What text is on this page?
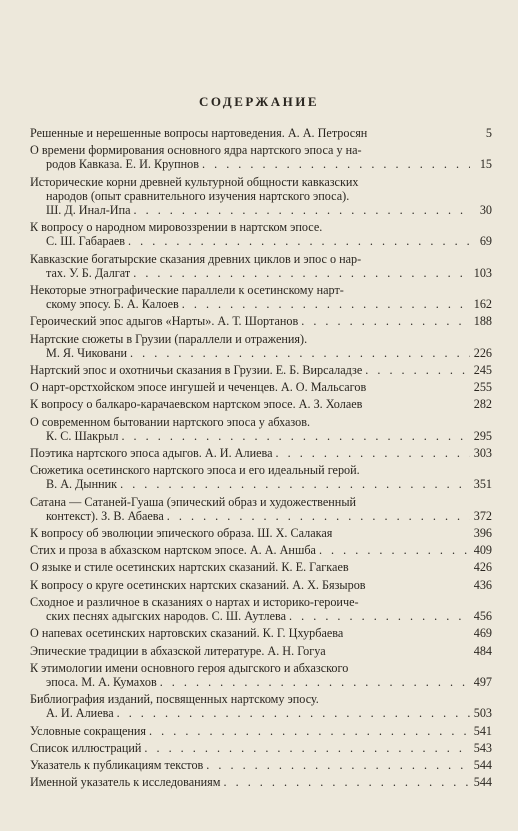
СОДЕРЖАНИЕ
Решенные и нерешенные вопросы нартоведения. А. А. Петросян	5
О времени формирования основного ядра нартского эпоса у на-
родов Кавказа. Е. И. Крупнов . . .	15
Исторические корни древней культурной общности кавказских
народов (опыт сравнительного изучения нартского эпоса).
Ш. Д. Инал-Ипа . . .	30
К вопросу о народном мировоззрении в нартском эпосе.
С. Ш. Габараев . . .	69
Кавказские богатырские сказания древних циклов и эпос о нар-
тах. У. Б. Далгат . . .	103
Некоторые этнографические параллели к осетинскому нарт-
скому эпосу. Б. А. Калоев . . .	162
Героический эпос адыгов «Нарты». А. Т. Шортанов . . .	188
Нартские сюжеты в Грузии (параллели и отражения).
М. Я. Чиковани . . .	226
Нартский эпос и охотничьи сказания в Грузии. Е. Б. Вирсаладзе . . .	245
О нарт-орстхойском эпосе ингушей и чеченцев. А. О. Мальсагов	255
К вопросу о балкаро-карачаевском нартском эпосе. А. З. Холаев	282
О современном бытовании нартского эпоса у абхазов.
К. С. Шакрыл . . .	295
Поэтика нартского эпоса адыгов. А. И. Алиева . . .	303
Сюжетика осетинского нартского эпоса и его идеальный герой.
В. А. Дынник . . .	351
Сатана — Сатаней-Гуаша (эпический образ и художественный
контекст). З. В. Абаева . . .	372
К вопросу об эволюции эпического образа. Ш. Х. Салакая	396
Стих и проза в абхазском нартском эпосе. А. А. Аншба . . .	409
О языке и стиле осетинских нартских сказаний. К. Е. Гагкаев	426
К вопросу о круге осетинских нартских сказаний. А. Х. Бязыров	436
Сходное и различное в сказаниях о нартах и историко-героиче-
ских песнях адыгских народов. С. Ш. Аутлева . . .	456
О напевах осетинских нартовских сказаний. К. Г. Цхурбаева	469
Эпические традиции в абхазской литературе. А. Н. Гогуа	484
К этимологии имени основного героя адыгского и абхазского
эпоса. М. А. Кумахов . . .	497
Библиография изданий, посвященных нартскому эпосу.
А. И. Алиева . . .	503
Условные сокращения . . .	541
Список иллюстраций . . .	543
Указатель к публикациям текстов . . .	544
Именной указатель к исследованиям . . .	544
